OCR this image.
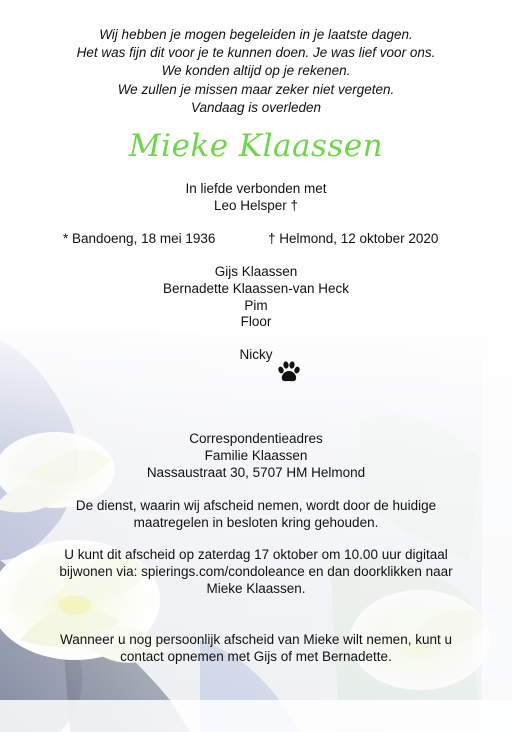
Wij hebben je mogen begeleiden in je laatste dagen.
Het was fijn dit voor je te kunnen doen. Je was lief voor ons.
We konden altijd op je rekenen.
We zullen je missen maar zeker niet vergeten.
Vandaag is overleden
Mieke Klaassen
In liefde verbonden met
Leo Helsper †
* Bandoeng, 18 mei 1936	† Helmond, 12 oktober 2020
Gijs Klaassen
Bernadette Klaassen-van Heck
Pim
Floor
Nicky
Correspondentieadres
Familie Klaassen
Nassaustraat 30, 5707 HM Helmond
De dienst, waarin wij afscheid nemen, wordt door de huidige
maatregelen in besloten kring gehouden.
U kunt dit afscheid op zaterdag 17 oktober om 10.00 uur digitaal
bijwonen via: spierings.com/condoleance en dan doorklikken naar
Mieke Klaassen.
Wanneer u nog persoonlijk afscheid van Mieke wilt nemen, kunt u
contact opnemen met Gijs of met Bernadette.
